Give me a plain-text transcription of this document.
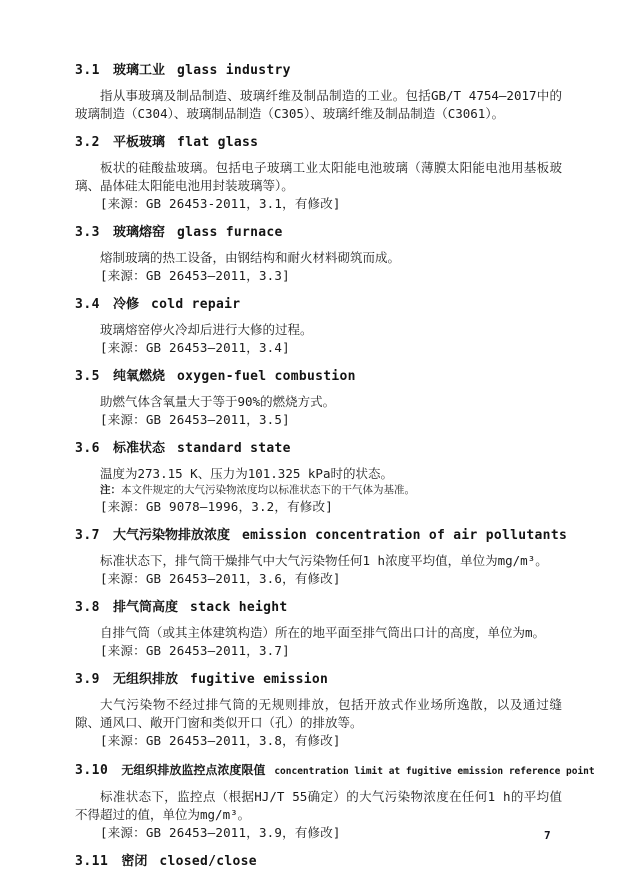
3.1 玻璃工业 glass industry

指从事玻璃及制品制造、玻璃纤维及制品制造的工业。包括GB/T 4754—2017中的玻璃制造（C304）、玻璃制品制造（C305）、玻璃纤维及制品制造（C3061）。

3.2 平板玻璃 flat glass

板状的硅酸盐玻璃。包括电子玻璃工业太阳能电池玻璃（薄膜太阳能电池用基板玻璃、晶体硅太阳能电池用封装玻璃等）。

[来源：GB 26453-2011，3.1，有修改]

3.3 玻璃熔窑 glass furnace

熔制玻璃的热工设备，由钢结构和耐火材料砌筑而成。

[来源：GB 26453—2011，3.3]

3.4 冷修 cold repair

玻璃熔窑停火冷却后进行大修的过程。

[来源：GB 26453—2011，3.4]

3.5 纯氧燃烧 oxygen-fuel combustion

助燃气体含氧量大于等于90%的燃烧方式。

[来源：GB 26453—2011，3.5]

3.6 标准状态 standard state

温度为273.15 K、压力为101.325 kPa时的状态。

注：本文件规定的大气污染物浓度均以标准状态下的干气体为基准。

[来源：GB 9078—1996，3.2，有修改]

3.7 大气污染物排放浓度 emission concentration of air pollutants

标准状态下，排气筒干燥排气中大气污染物任何1 h浓度平均值，单位为mg/m³。

[来源：GB 26453—2011，3.6，有修改]

3.8 排气筒高度 stack height

自排气筒（或其主体建筑构造）所在的地平面至排气筒出口计的高度，单位为m。

[来源：GB 26453—2011，3.7]

3.9 无组织排放 fugitive emission

大气污染物不经过排气筒的无规则排放，包括开放式作业场所逸散，以及通过缝隙、通风口、敞开门窗和类似开口（孔）的排放等。

[来源：GB 26453—2011，3.8，有修改]

3.10 无组织排放监控点浓度限值 concentration limit at fugitive emission reference point

标准状态下，监控点（根据HJ/T 55确定）的大气污染物浓度在任何1 h的平均值不得超过的值，单位为mg/m³。

[来源：GB 26453—2011，3.9，有修改]

3.11 密闭 closed/close
7
